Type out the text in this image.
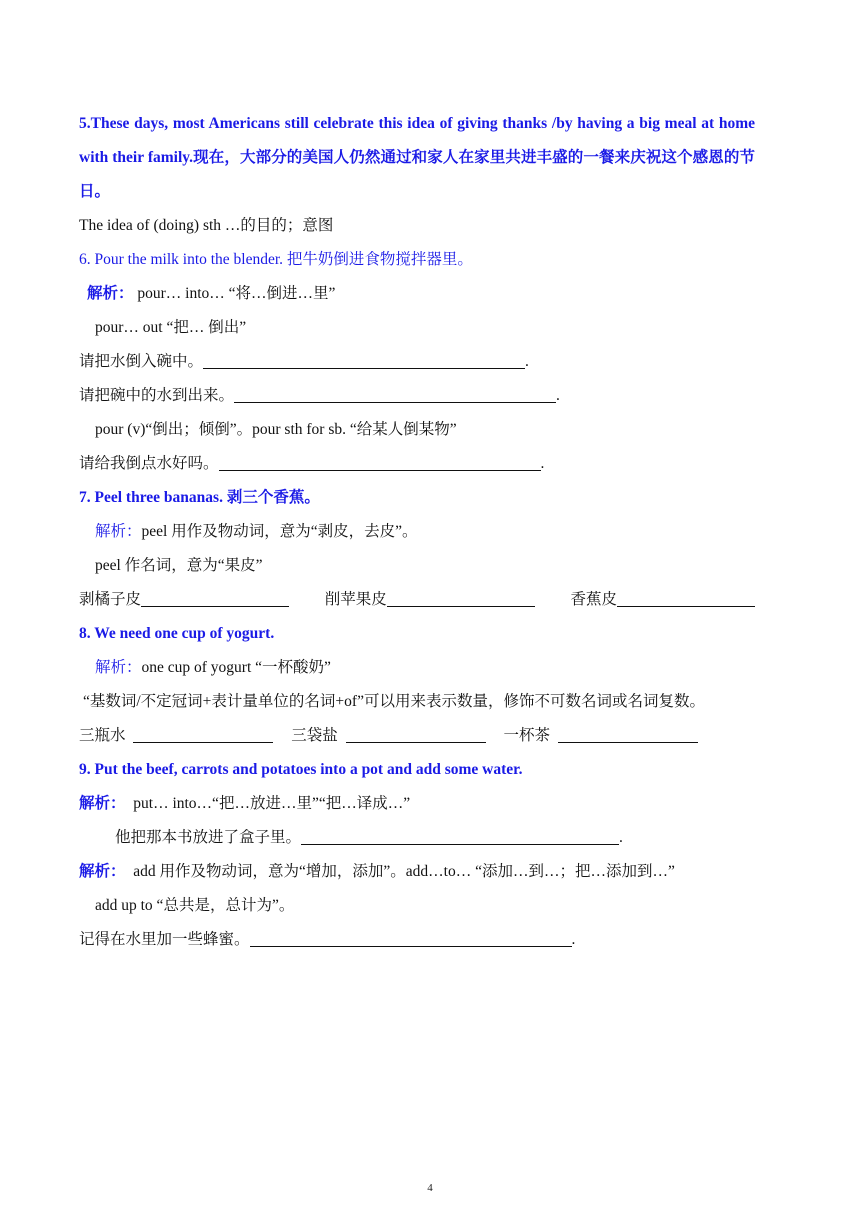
5.These days, most Americans still celebrate this idea of giving thanks /by having a big meal at home with their family.现在，大部分的美国人仍然通过和家人在家里共进丰盛的一餐来庆祝这个感恩的节日。
The idea of (doing) sth …的目的；意图
6. Pour the milk into the blender. 把牛奶倒进食物搅拌器里。
解析： pour… into… “将…倒进…里”
pour… out “把… 倒出”
请把水倒入碗中。	.
请把碗中的水到出来。	.
pour (v)“倒出；倾倒”。pour sth for sb. “给某人倒某物”
请给我倒点水好吗。	.
7. Peel three bananas. 剥三个香蕉。
解析：peel 用作及物动词，意为“剥皮，去皮”。
peel 作名词，意为“果皮”
剥橘子皮	削苹果皮	香蕉皮
8. We need one cup of yogurt.
解析：one cup of yogurt “一杯酸奶”
“基数词/不定冠词+表计量单位的名词+of”可以用来表示数量，修饰不可数名词或名词复数。
三瓶水	三袋盐	一杯茶
9. Put the beef, carrots and potatoes into a pot and add some water.
解析： put… into…“把…放进…里”“把…译成…”
他把那本书放进了盒子里。	.
解析： add 用作及物动词，意为“增加，添加”。add…to… “添加…到…；把…添加到…”
add up to “总共是，总计为”。
记得在水里加一些蜂蜜。	.
4
